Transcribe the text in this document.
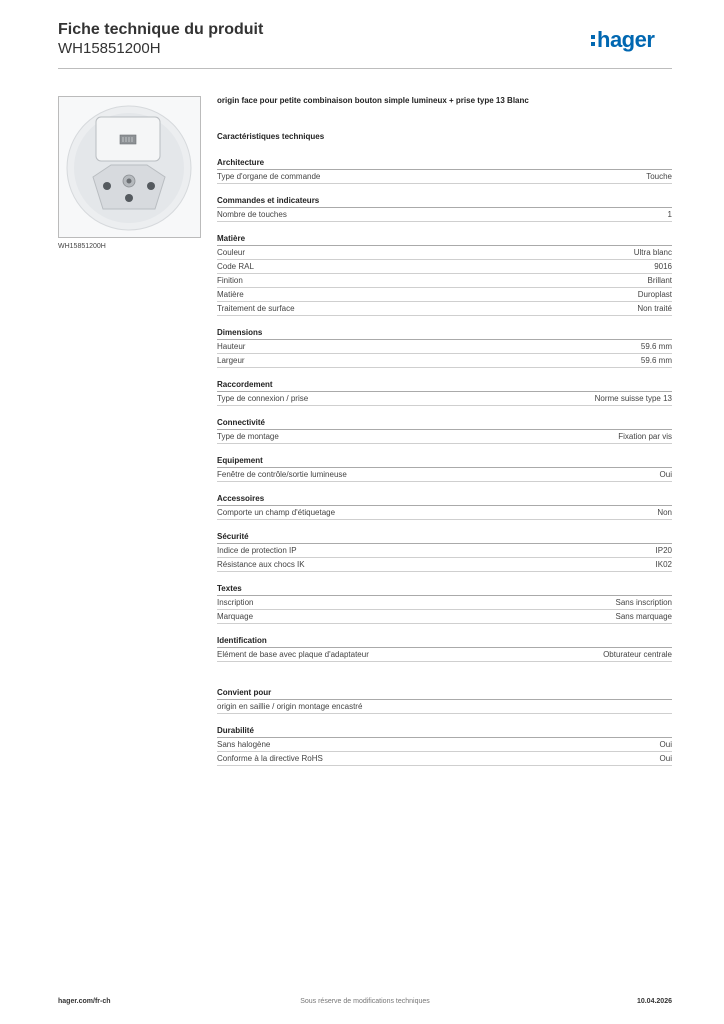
Fiche technique du produit

WH15851200H	hager
WH15851200H
origin face pour petite combinaison bouton simple lumineux + prise type 13 Blanc
Caractéristiques techniques
Architecture
Type d'organe de commande	Touche
Commandes et indicateurs
Nombre de touches	1
Matière
Couleur	Ultra blanc
Code RAL	9016
Finition	Brillant
Matière	Duroplast
Traitement de surface	Non traité
Dimensions
Hauteur	59.6 mm
Largeur	59.6 mm
Raccordement
Type de connexion / prise	Norme suisse type 13
Connectivité
Type de montage	Fixation par vis
Equipement
Fenêtre de contrôle/sortie lumineuse	Oui
Accessoires
Comporte un champ d'étiquetage	Non
Sécurité
Indice de protection IP	IP20
Résistance aux chocs IK	IK02
Textes
Inscription	Sans inscription
Marquage	Sans marquage
Identification
Elément de base avec plaque d'adaptateur	Obturateur centrale
Convient pour
origin en saillie / origin montage encastré
Durabilité
Sans halogène	Oui
Conforme à la directive RoHS	Oui
Sous réserve de modifications techniques
hager.com/fr-ch	10.04.2026
